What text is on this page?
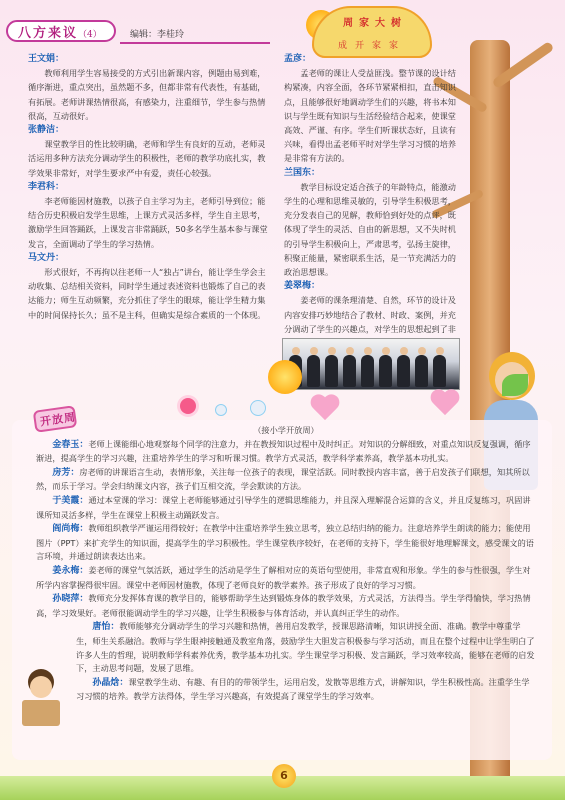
八方来议（4）	编辑：李桂玲
周家大树
成开家家
王文娟：

教师利用学生容易接受的方式引出新课内容，例题由易到难，循序渐进，重点突出，虽然题不多，但都非常有代表性，有基础，有拓展。老师讲课热情很高，有感染力，注重细节，学生参与热情很高，互动很好。

张静洁：

课堂教学目的性比较明确，老师和学生有良好的互动，老师灵活运用多种方法充分调动学生的积极性，老师的教学功底扎实，教学效果非常好，对学生要求严中有爱，责任心较强。

李君科：

李老师能因材施教，以孩子自主学习为主，老师引导到位；能结合历史积极启发学生思维，上课方式灵活多样，学生自主思考，激励学生回答踊跃，上课发言非常踊跃，50多名学生基本参与课堂发言，全面调动了学生的学习热情。

马文丹：

形式很好，不再拘以往老师一人“独占”讲台，能让学生学会主动收集、总结相关资料，同时学生通过表述资料也锻炼了自己的表达能力；师生互动频繁，充分抓住了学生的眼球，能让学生精力集中的时间保持长久；虽不是主科，但确实是综合素质的一个体现。

孟彦：

孟老师的课让人受益匪浅。整节课的设计结构紧凑，内容全面，各环节紧紧相扣，直击知识点，且能够很好地调动学生们的兴趣，将书本知识与学生既有知识与生活经验结合起来，使课堂高效、严谨、有序。学生们听课状态好，且读有兴味，看得出孟老师平时对学生学习习惯的培养是非常有方法的。

兰国东：

教学目标设定适合孩子的年龄特点，能激动学生的心理和思维灵敏的，引导学生积极思考，充分发表自己的见解，教师恰到好处的点评，既体现了学生的灵活、自由的新思想，又不失时机的引导学生积极向上，严肃思考，弘扬主旋律，积聚正能量，紧密联系生活，是一节充满活力的政治思想课。

姜翠梅：

姜老师的课条理清楚、自然，环节的设计及内容安排巧妙地结合了教材、时政、案例，并充分调动了学生的兴趣点，对学生的思想起到了非

开放周
（接小学开放周）

金春玉：老师上课能细心地观察每个同学的注意力，并在教授知识过程中及时纠正。对知识的分解细致，对重点知识反复强调，循序渐进，提高学生的学习兴趣，注重培养学生的学习和听课习惯。教学方式灵活，教学科学素养高，教学基本功扎实。

房芳：房老师的讲课语言生动，表情形象，关注每一位孩子的表现，课堂活跃。同时教授内容丰富，善于启发孩子们联想，知其所以然，而乐于学习。学会归纳课文内容，孩子们互相交流，学会默读的方法。

于美霞：通过本堂课的学习：课堂上老师能够通过引导学生的逻辑思维能力，并且深入理解混合运算的含义，并且反复练习，巩固讲课所知灵活多样，学生在课堂上积极主动踊跃发言。

阎尚梅：教师组织教学严谨运用得较好；在教学中注重培养学生独立思考，独立总结归纳的能力。注意培养学生朗读的能力；能使用图片（PPT）来扩充学生的知识面，提高学生的学习积极性。学生课堂秩序较好，在老师的支持下，学生能很好地理解课文，感受课文的语言环境，并通过朗读表达出来。

姜永梅：姜老师的课堂气氛活跃，通过学生的活动是学生了解相对应的英语句型使用，非常直观和形象。学生的参与性很强，学生对所学内容掌握得很牢固。课堂中老师因材施教，体现了老师良好的教学素养。孩子形成了良好的学习习惯。

孙晓萍：教师充分发挥体育课的教学目的，能够帮助学生达到锻炼身体的教学效果，方式灵活，方法得当。学生学得愉快，学习热情高，学习效果好。老师很能调动学生的学习兴趣，让学生积极参与体育活动，并认真纠正学生的动作。

唐怡：教师能够充分调动学生的学习兴趣和热情，善用启发教学，授课思路清晰，知识讲授全面、准确。教学中尊重学生，师生关系融洽。教师与学生眼神接触通及教室角落，鼓励学生大胆发言积极参与学习活动，而且在整个过程中让学生明白了许多人生的哲理，说明教师学科素养优秀，教学基本功扎实。学生课堂学习积极、发言踊跃，学习效率较高，能够在老师的启发下，主动思考问题，发展了思维。

孙晶焓：课堂教学生动、有趣、有目的的带领学生，运用启发，发散等思维方式，讲解知识，学生积极性高。注重学生学习习惯的培养。教学方法得体，学生学习兴趣高，有效提高了课堂学生的学习效率。

6
